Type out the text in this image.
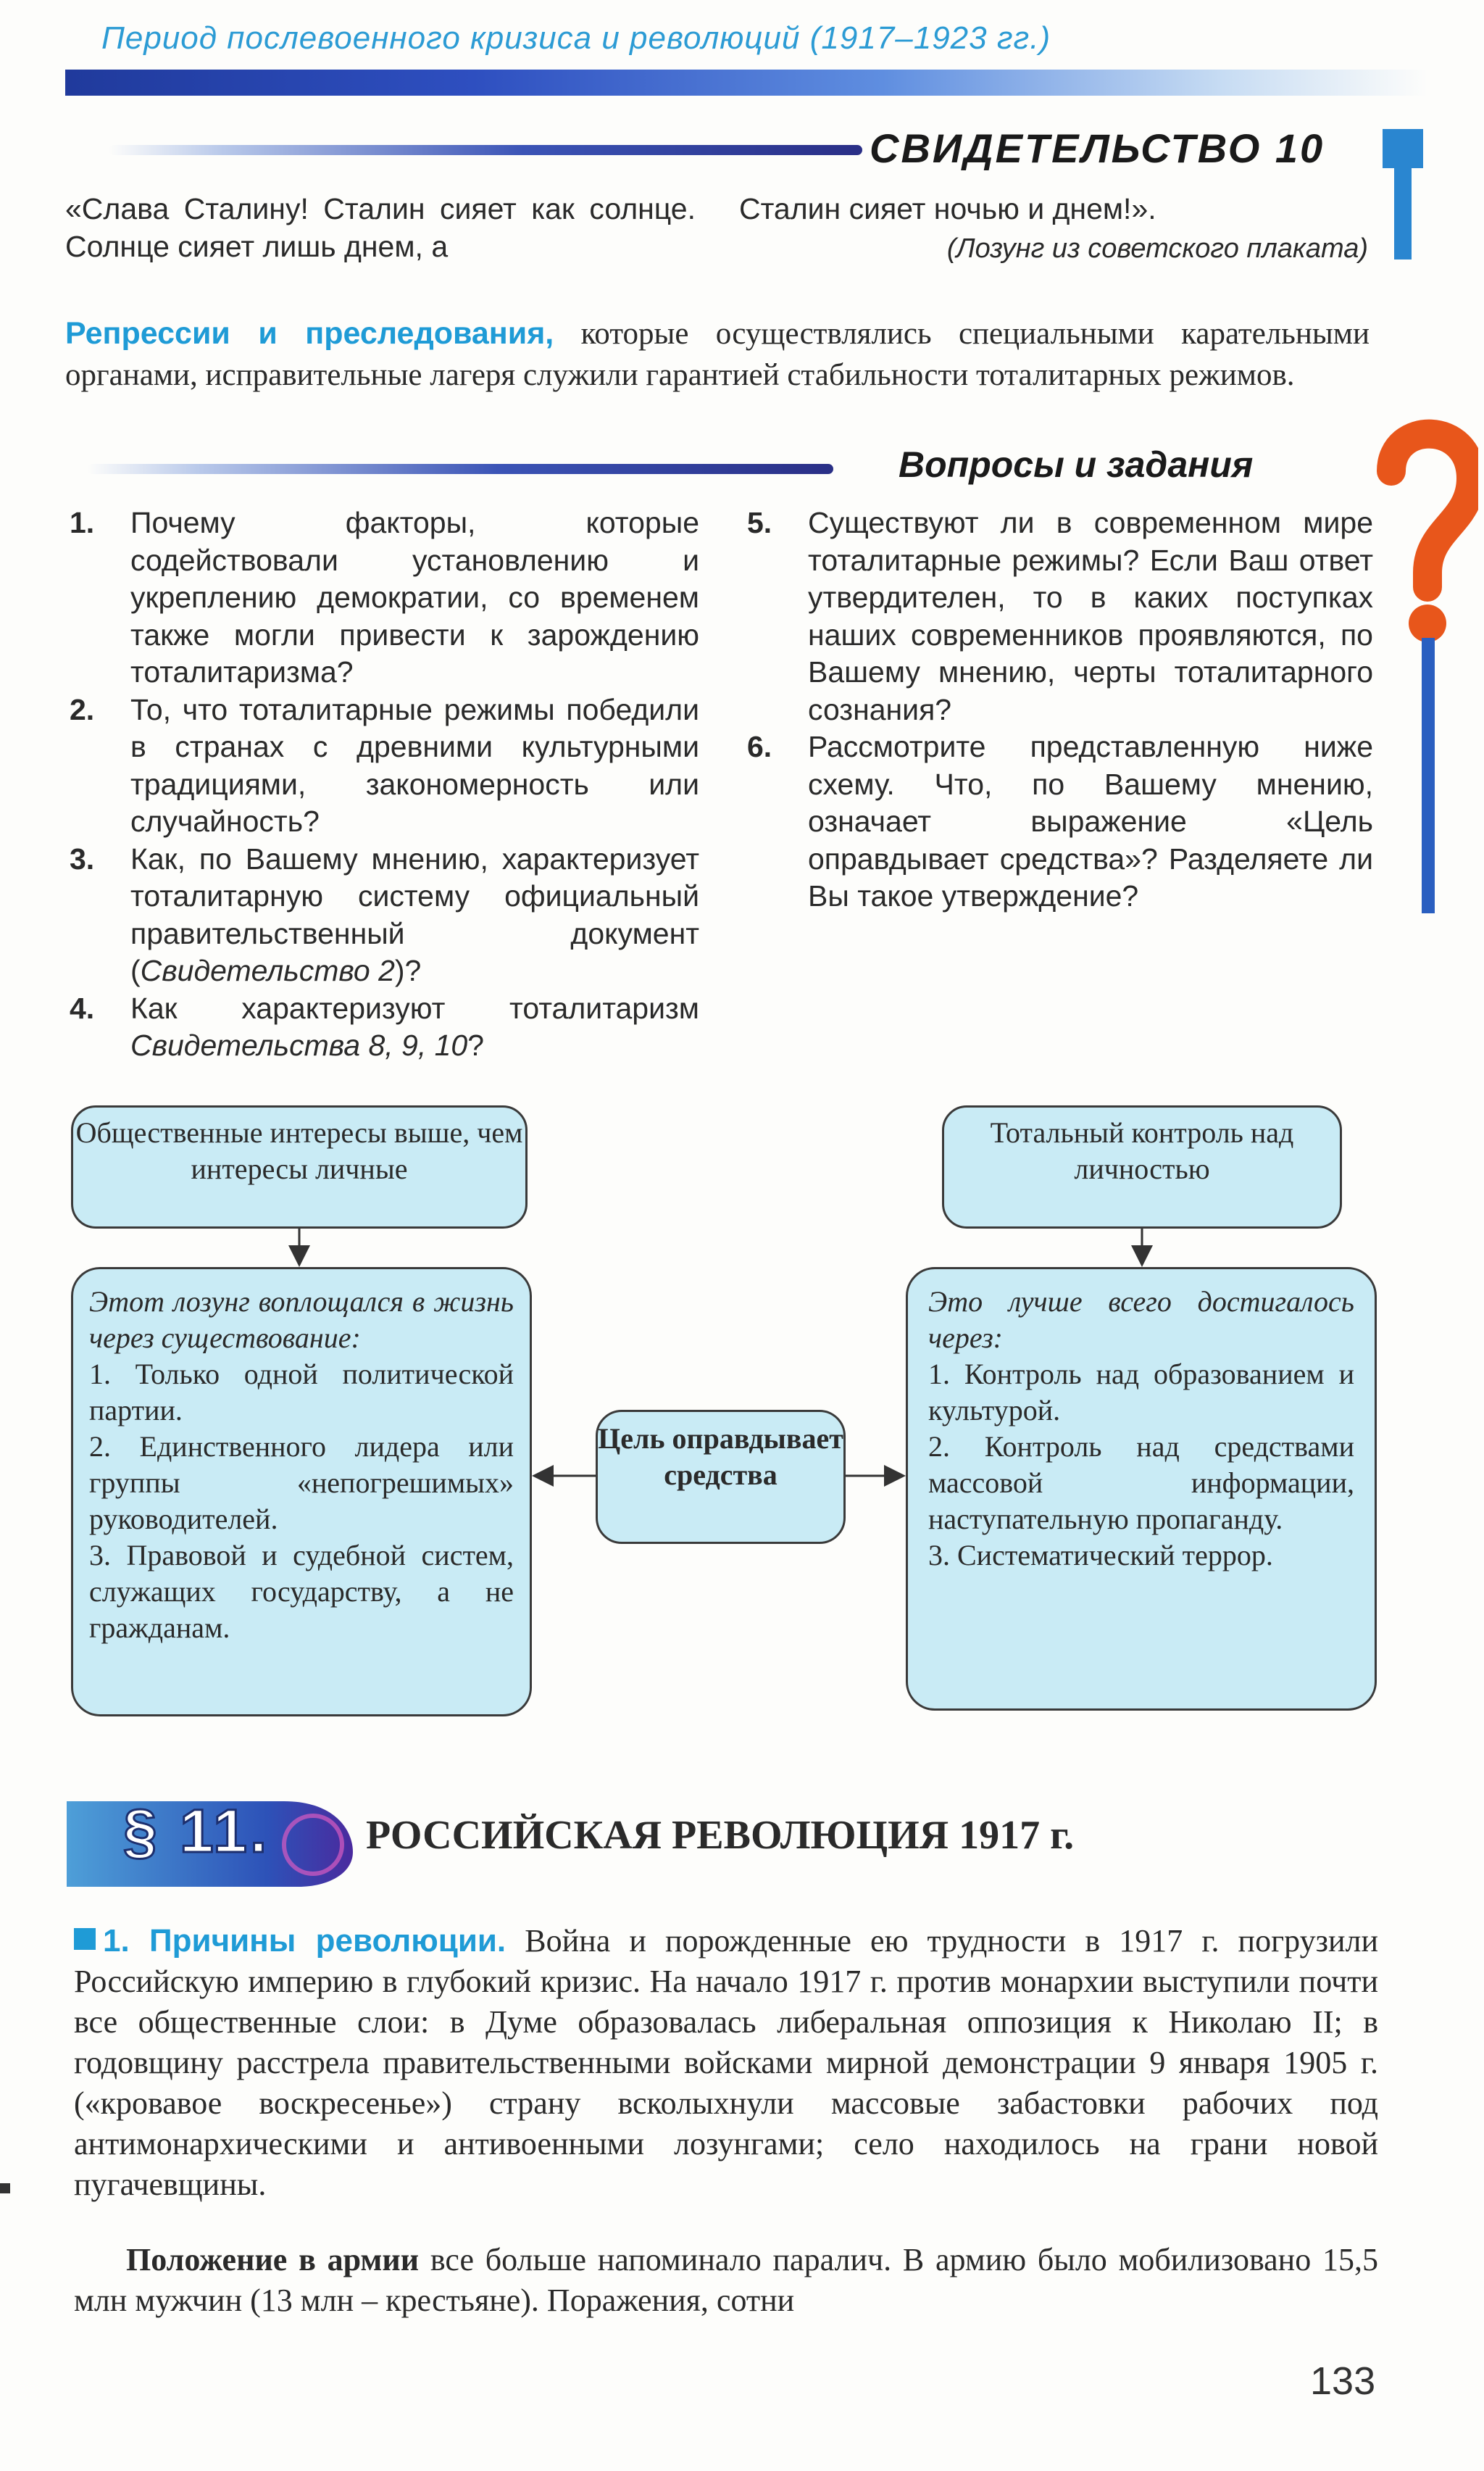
Период послевоенного кризиса и революций (1917–1923 гг.)
СВИДЕТЕЛЬСТВО 10
«Слава Сталину! Сталин сияет как солнце. Солнце сияет лишь днем, а
Сталин сияет ночью и днем!».
(Лозунг из советского плаката)
Репрессии и преследования, которые осуществлялись специальными карательными органами, исправительные лагеря служили гарантией стабильности тоталитарных режимов.
Вопросы и задания
1. Почему факторы, которые содействовали установлению и укреплению демократии, со временем также могли привести к зарождению тоталитаризма?
2. То, что тоталитарные режимы победили в странах с древними культурными традициями, закономерность или случайность?
3. Как, по Вашему мнению, характеризует тоталитарную систему официальный правительственный документ (Свидетельство 2)?
4. Как характеризуют тоталитаризм Свидетельства 8, 9, 10?
5. Существуют ли в современном мире тоталитарные режимы? Если Ваш ответ утвердителен, то в каких поступках наших современников проявляются, по Вашему мнению, черты тоталитарного сознания?
6. Рассмотрите представленную ниже схему. Что, по Вашему мнению, означает выражение «Цель оправдывает средства»? Разделяете ли Вы такое утверждение?
Общественные интересы выше, чем интересы личные
Тотальный контроль над личностью
Цель оправдывает средства
Этот лозунг воплощался в жизнь через существование:
1. Только одной политической партии.
2. Единственного лидера или группы «непогрешимых» руководителей.
3. Правовой и судебной систем, служащих государству, а не гражданам.
Это лучше всего достигалось через:
1. Контроль над образованием и культурой.
2. Контроль над средствами массовой информации, наступательную пропаганду.
3. Систематический террор.
§ 11. РОССИЙСКАЯ РЕВОЛЮЦИЯ 1917 г.
1. Причины революции. Война и порожденные ею трудности в 1917 г. погрузили Российскую империю в глубокий кризис. На начало 1917 г. против монархии выступили почти все общественные слои: в Думе образовалась либеральная оппозиция к Николаю II; в годовщину расстрела правительственными войсками мирной демонстрации 9 января 1905 г. («кровавое воскресенье») страну всколыхнули массовые забастовки рабочих под антимонархическими и антивоенными лозунгами; село находилось на грани новой пугачевщины.
Положение в армии все больше напоминало паралич. В армию было мобилизовано 15,5 млн мужчин (13 млн – крестьяне). Поражения, сотни
133
